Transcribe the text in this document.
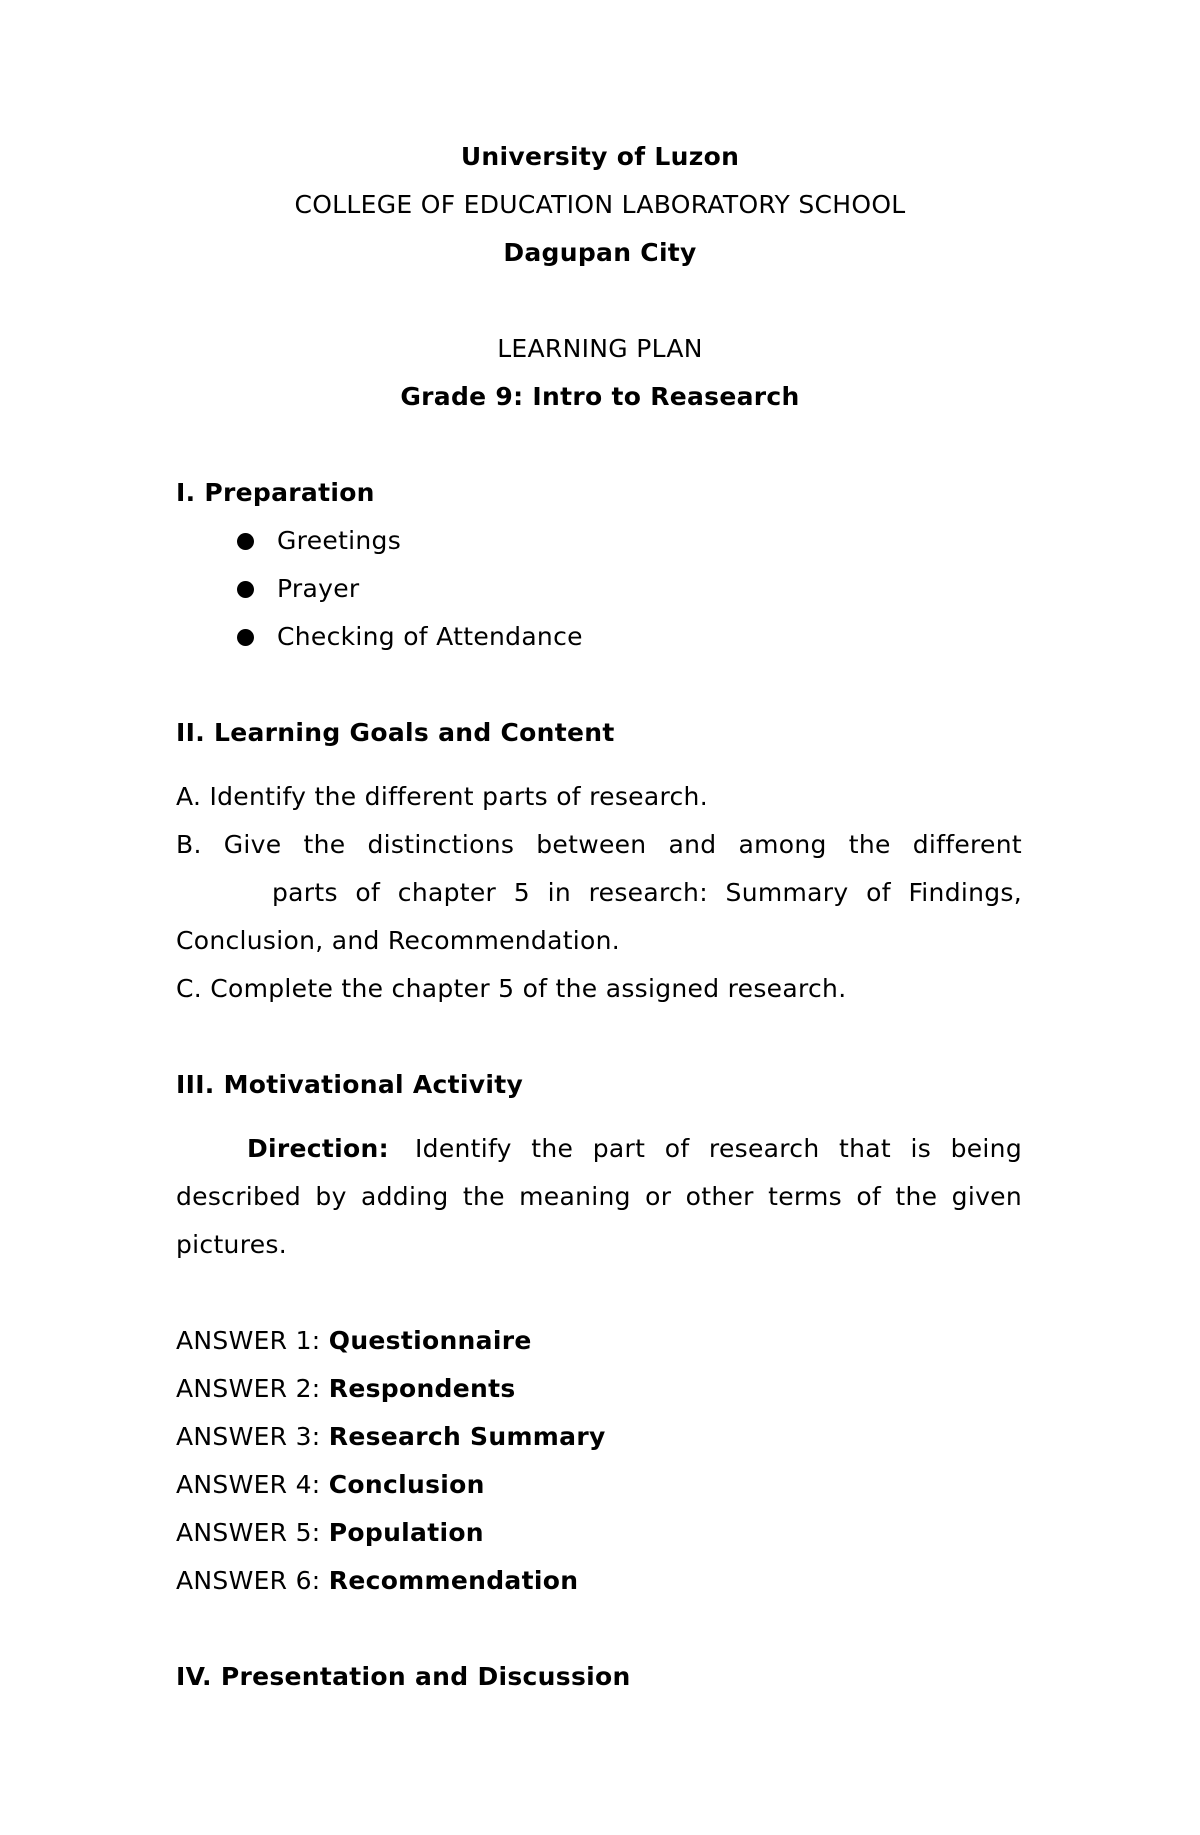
University of Luzon
COLLEGE OF EDUCATION LABORATORY SCHOOL
Dagupan City
LEARNING PLAN
Grade 9: Intro to Reasearch
I. Preparation
Greetings
Prayer
Checking of Attendance
II. Learning Goals and Content
A. Identify the different parts of research.
B. Give the distinctions between and among the different
parts of chapter 5 in research: Summary of Findings,
Conclusion, and Recommendation.
C. Complete the chapter 5 of the assigned research.
III. Motivational Activity
Direction: Identify the part of research that is being
described by adding the meaning or other terms of the given
pictures.
ANSWER 1: Questionnaire
ANSWER 2: Respondents
ANSWER 3: Research Summary
ANSWER 4: Conclusion
ANSWER 5: Population
ANSWER 6: Recommendation
IV. Presentation and Discussion
